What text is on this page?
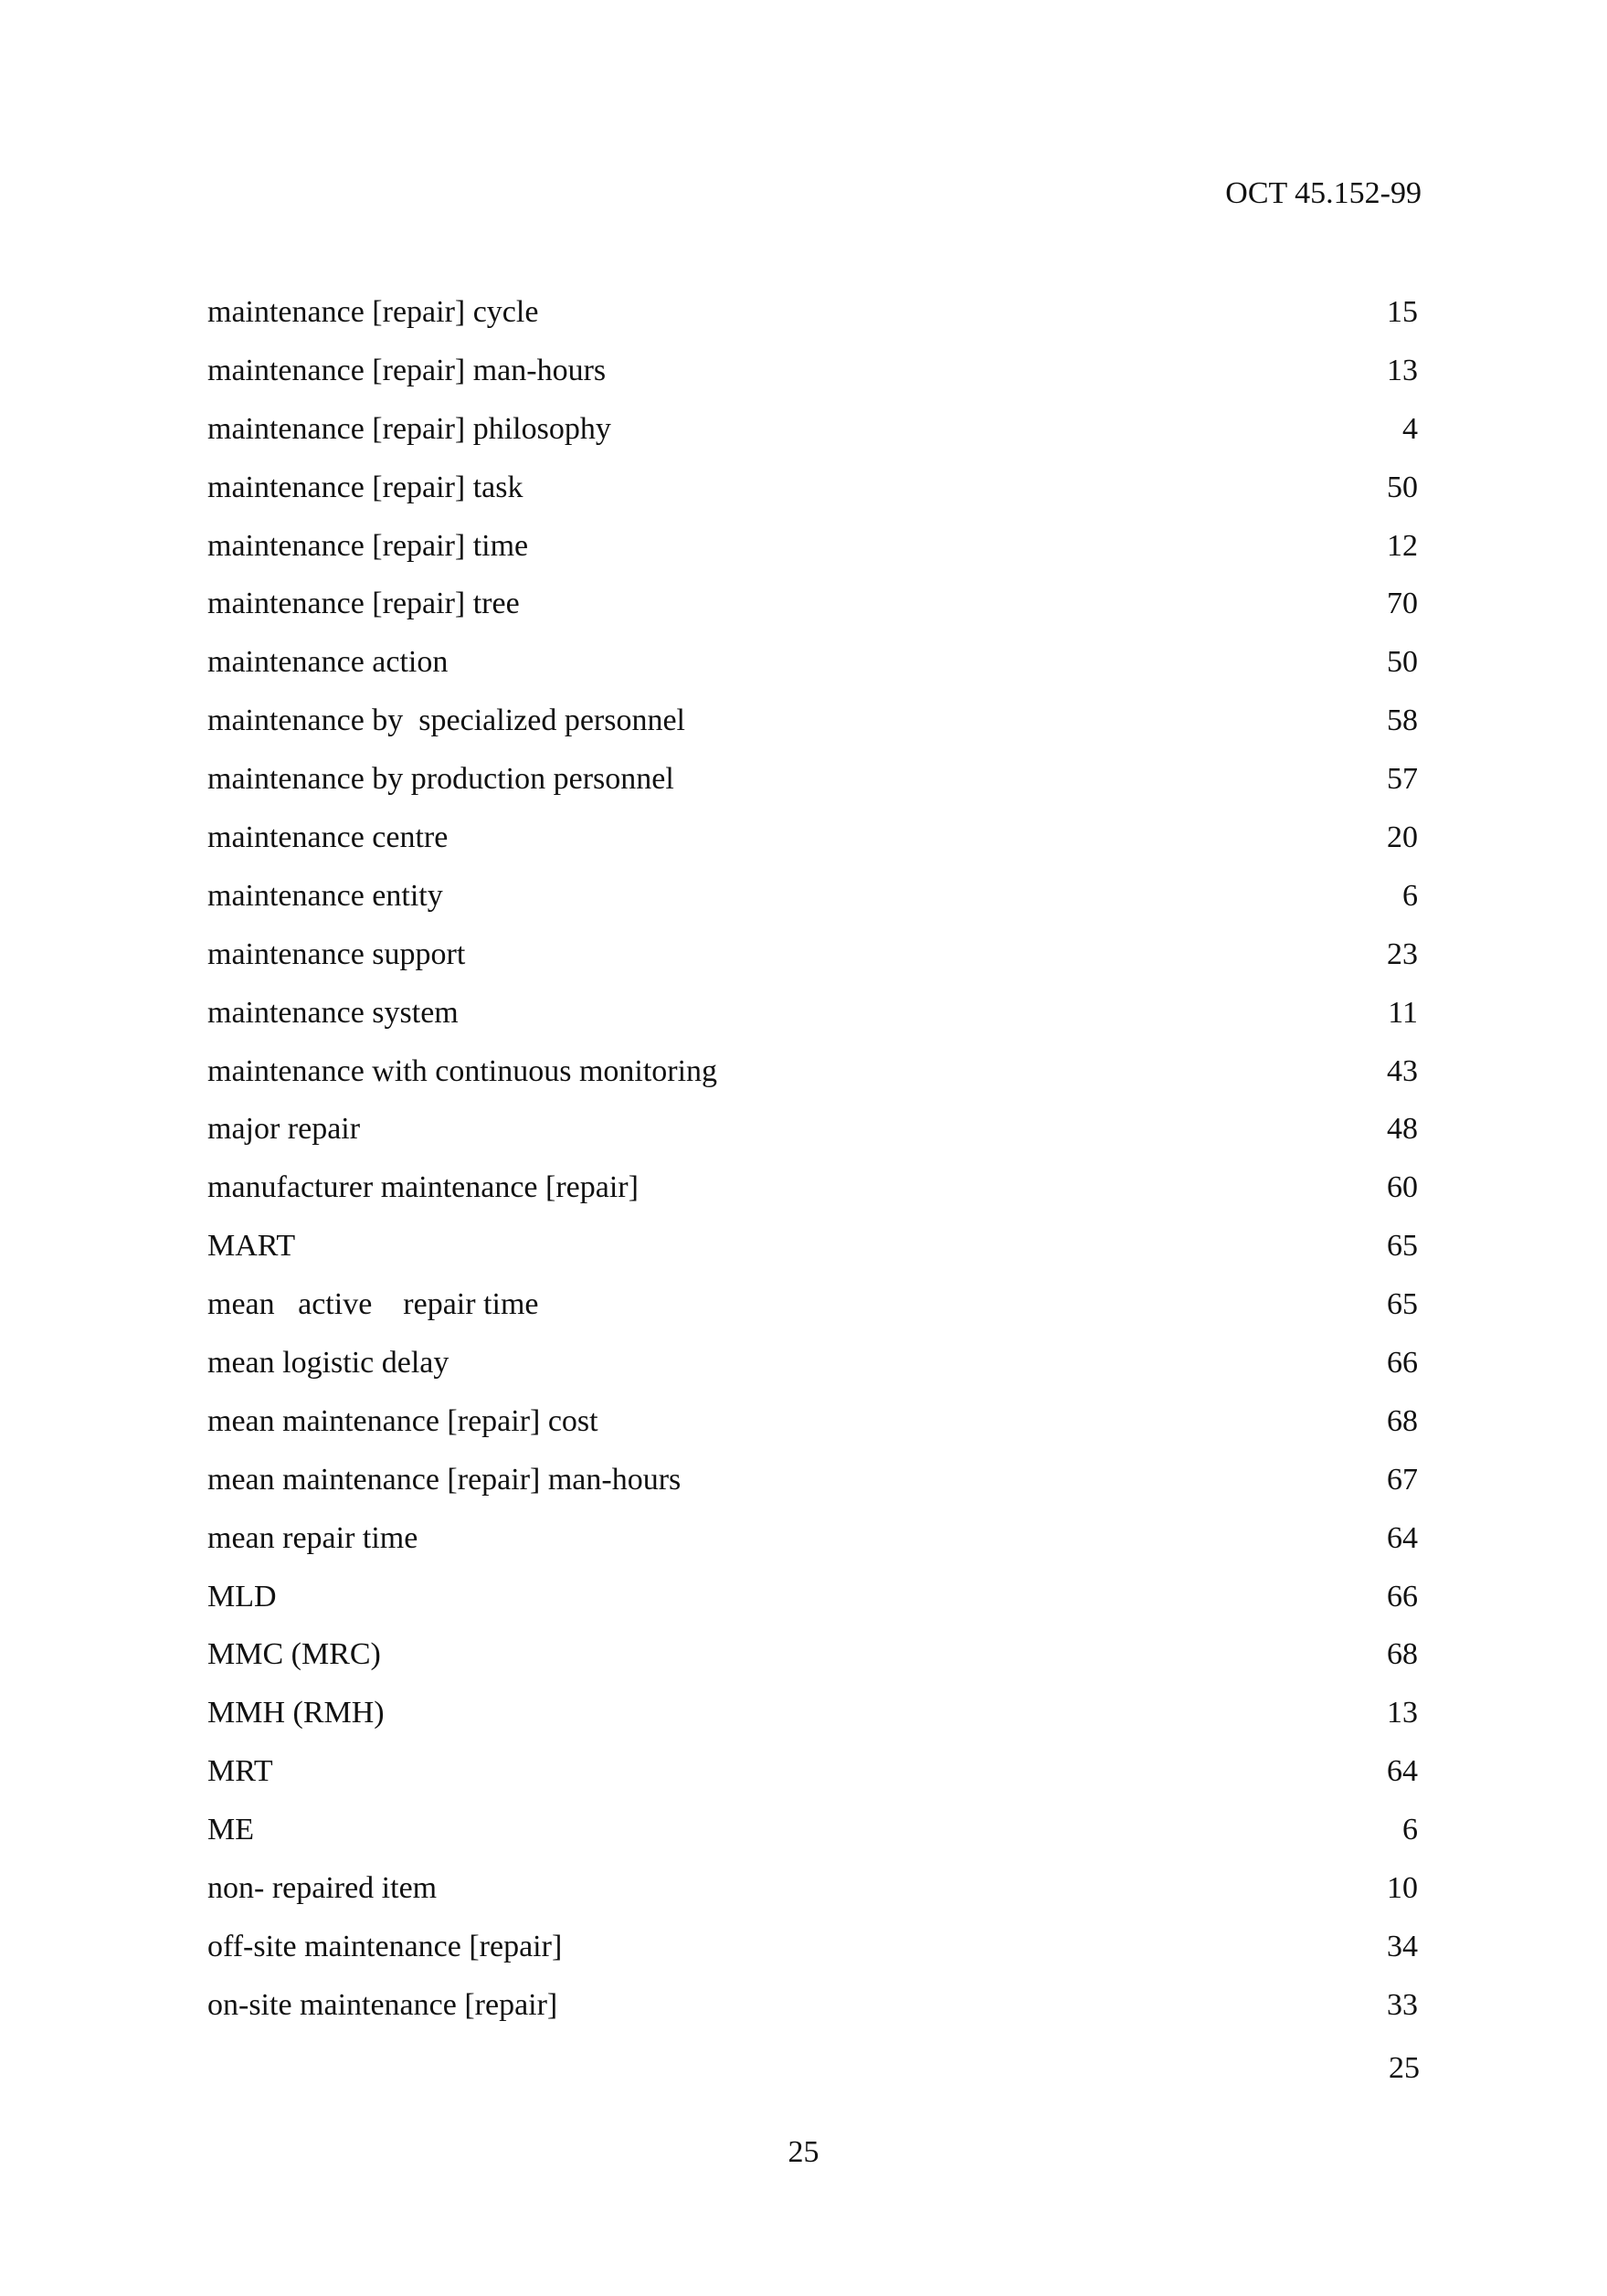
OCT 45.152-99
maintenance [repair] cycle	15
maintenance [repair] man-hours	13
maintenance [repair] philosophy	4
maintenance [repair] task	50
maintenance [repair] time	12
maintenance [repair] tree	70
maintenance action	50
maintenance by  specialized personnel	58
maintenance by production personnel	57
maintenance centre	20
maintenance entity	6
maintenance support	23
maintenance system	11
maintenance with continuous monitoring	43
major repair	48
manufacturer maintenance [repair]	60
MART	65
mean   active    repair time	65
mean logistic delay	66
mean maintenance [repair] cost	68
mean maintenance [repair] man-hours	67
mean repair time	64
MLD	66
MMC (MRC)	68
MMH (RMH)	13
MRT	64
ME	6
non- repaired item	10
off-site maintenance [repair]	34
on-site maintenance [repair]	33
25
25
